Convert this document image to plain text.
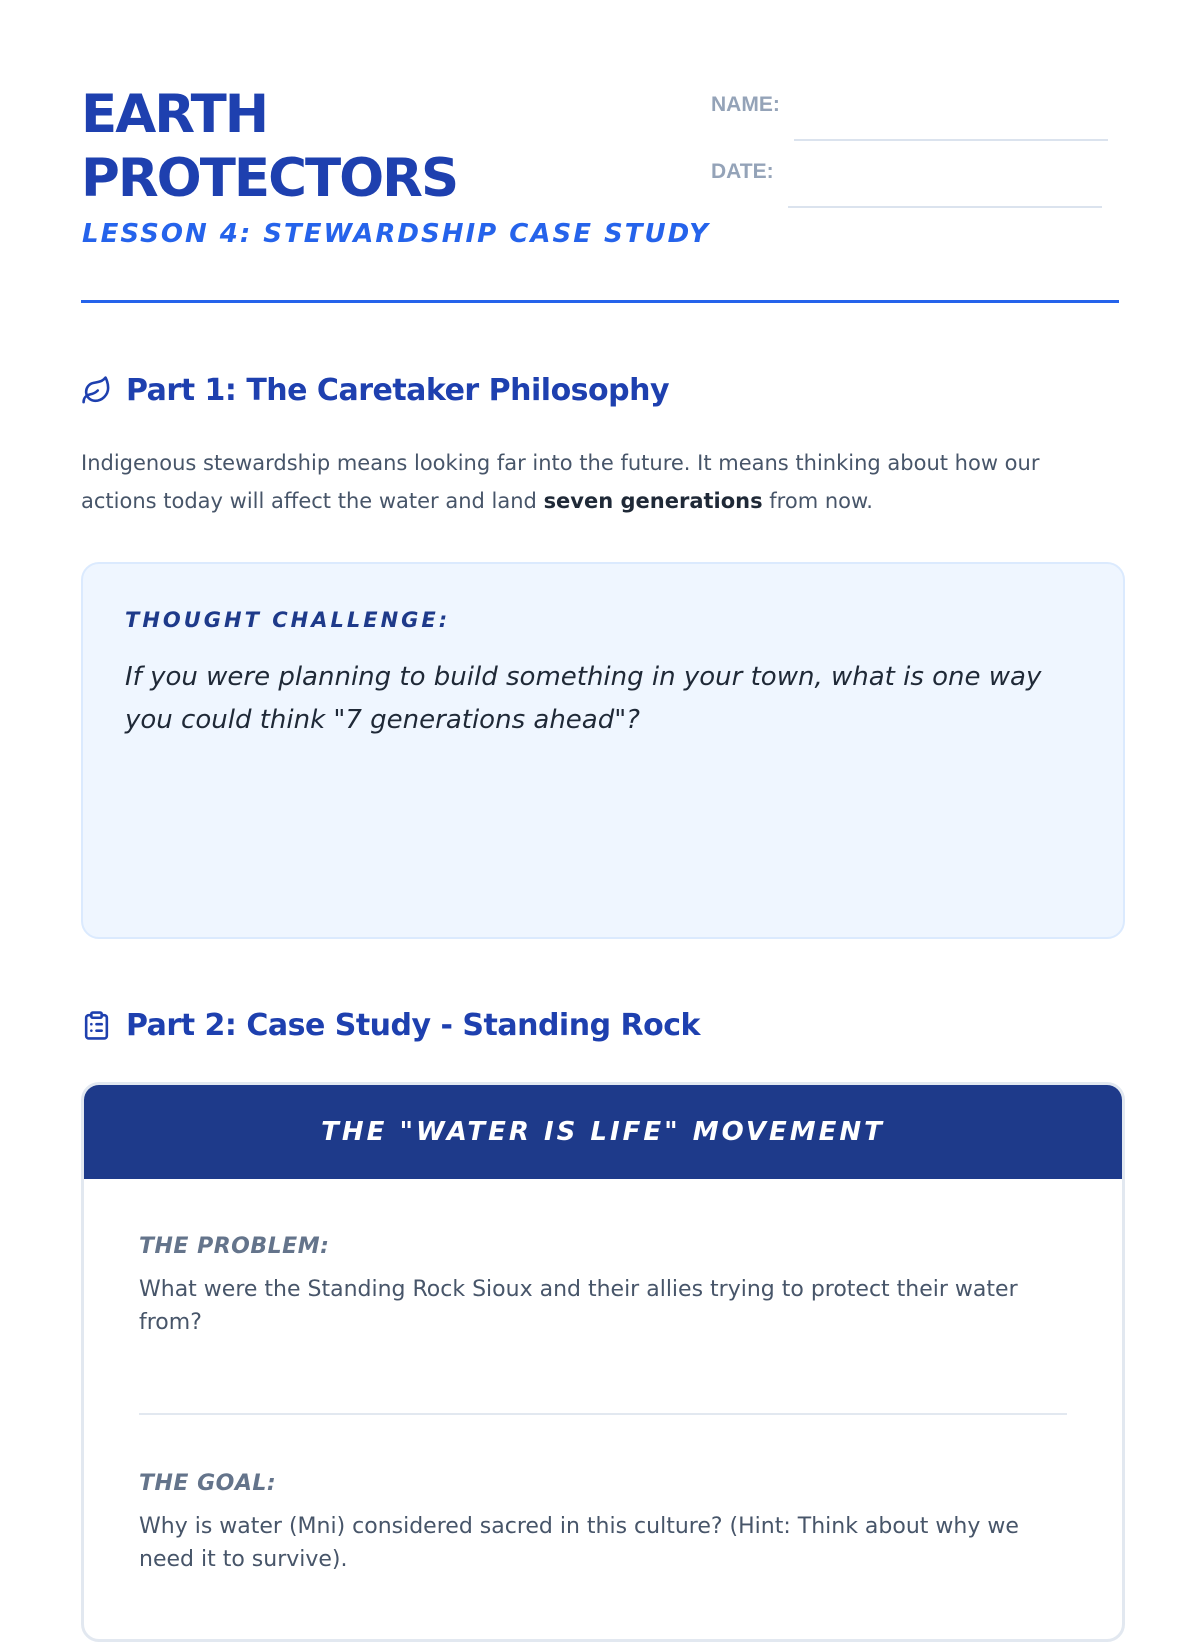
EARTH PROTECTORS
LESSON 4: STEWARDSHIP CASE STUDY
NAME:
DATE:
Part 1: The Caretaker Philosophy

Indigenous stewardship means looking far into the future. It means thinking about how our actions today will affect the water and land seven generations from now.

THOUGHT CHALLENGE:
If you were planning to build something in your town, what is one way you could think "7 generations ahead"?
Part 2: Case Study - Standing Rock
THE "WATER IS LIFE" MOVEMENT
THE PROBLEM:
What were the Standing Rock Sioux and their allies trying to protect their water from?
THE GOAL:
Why is water (Mni) considered sacred in this culture? (Hint: Think about why we need it to survive).
